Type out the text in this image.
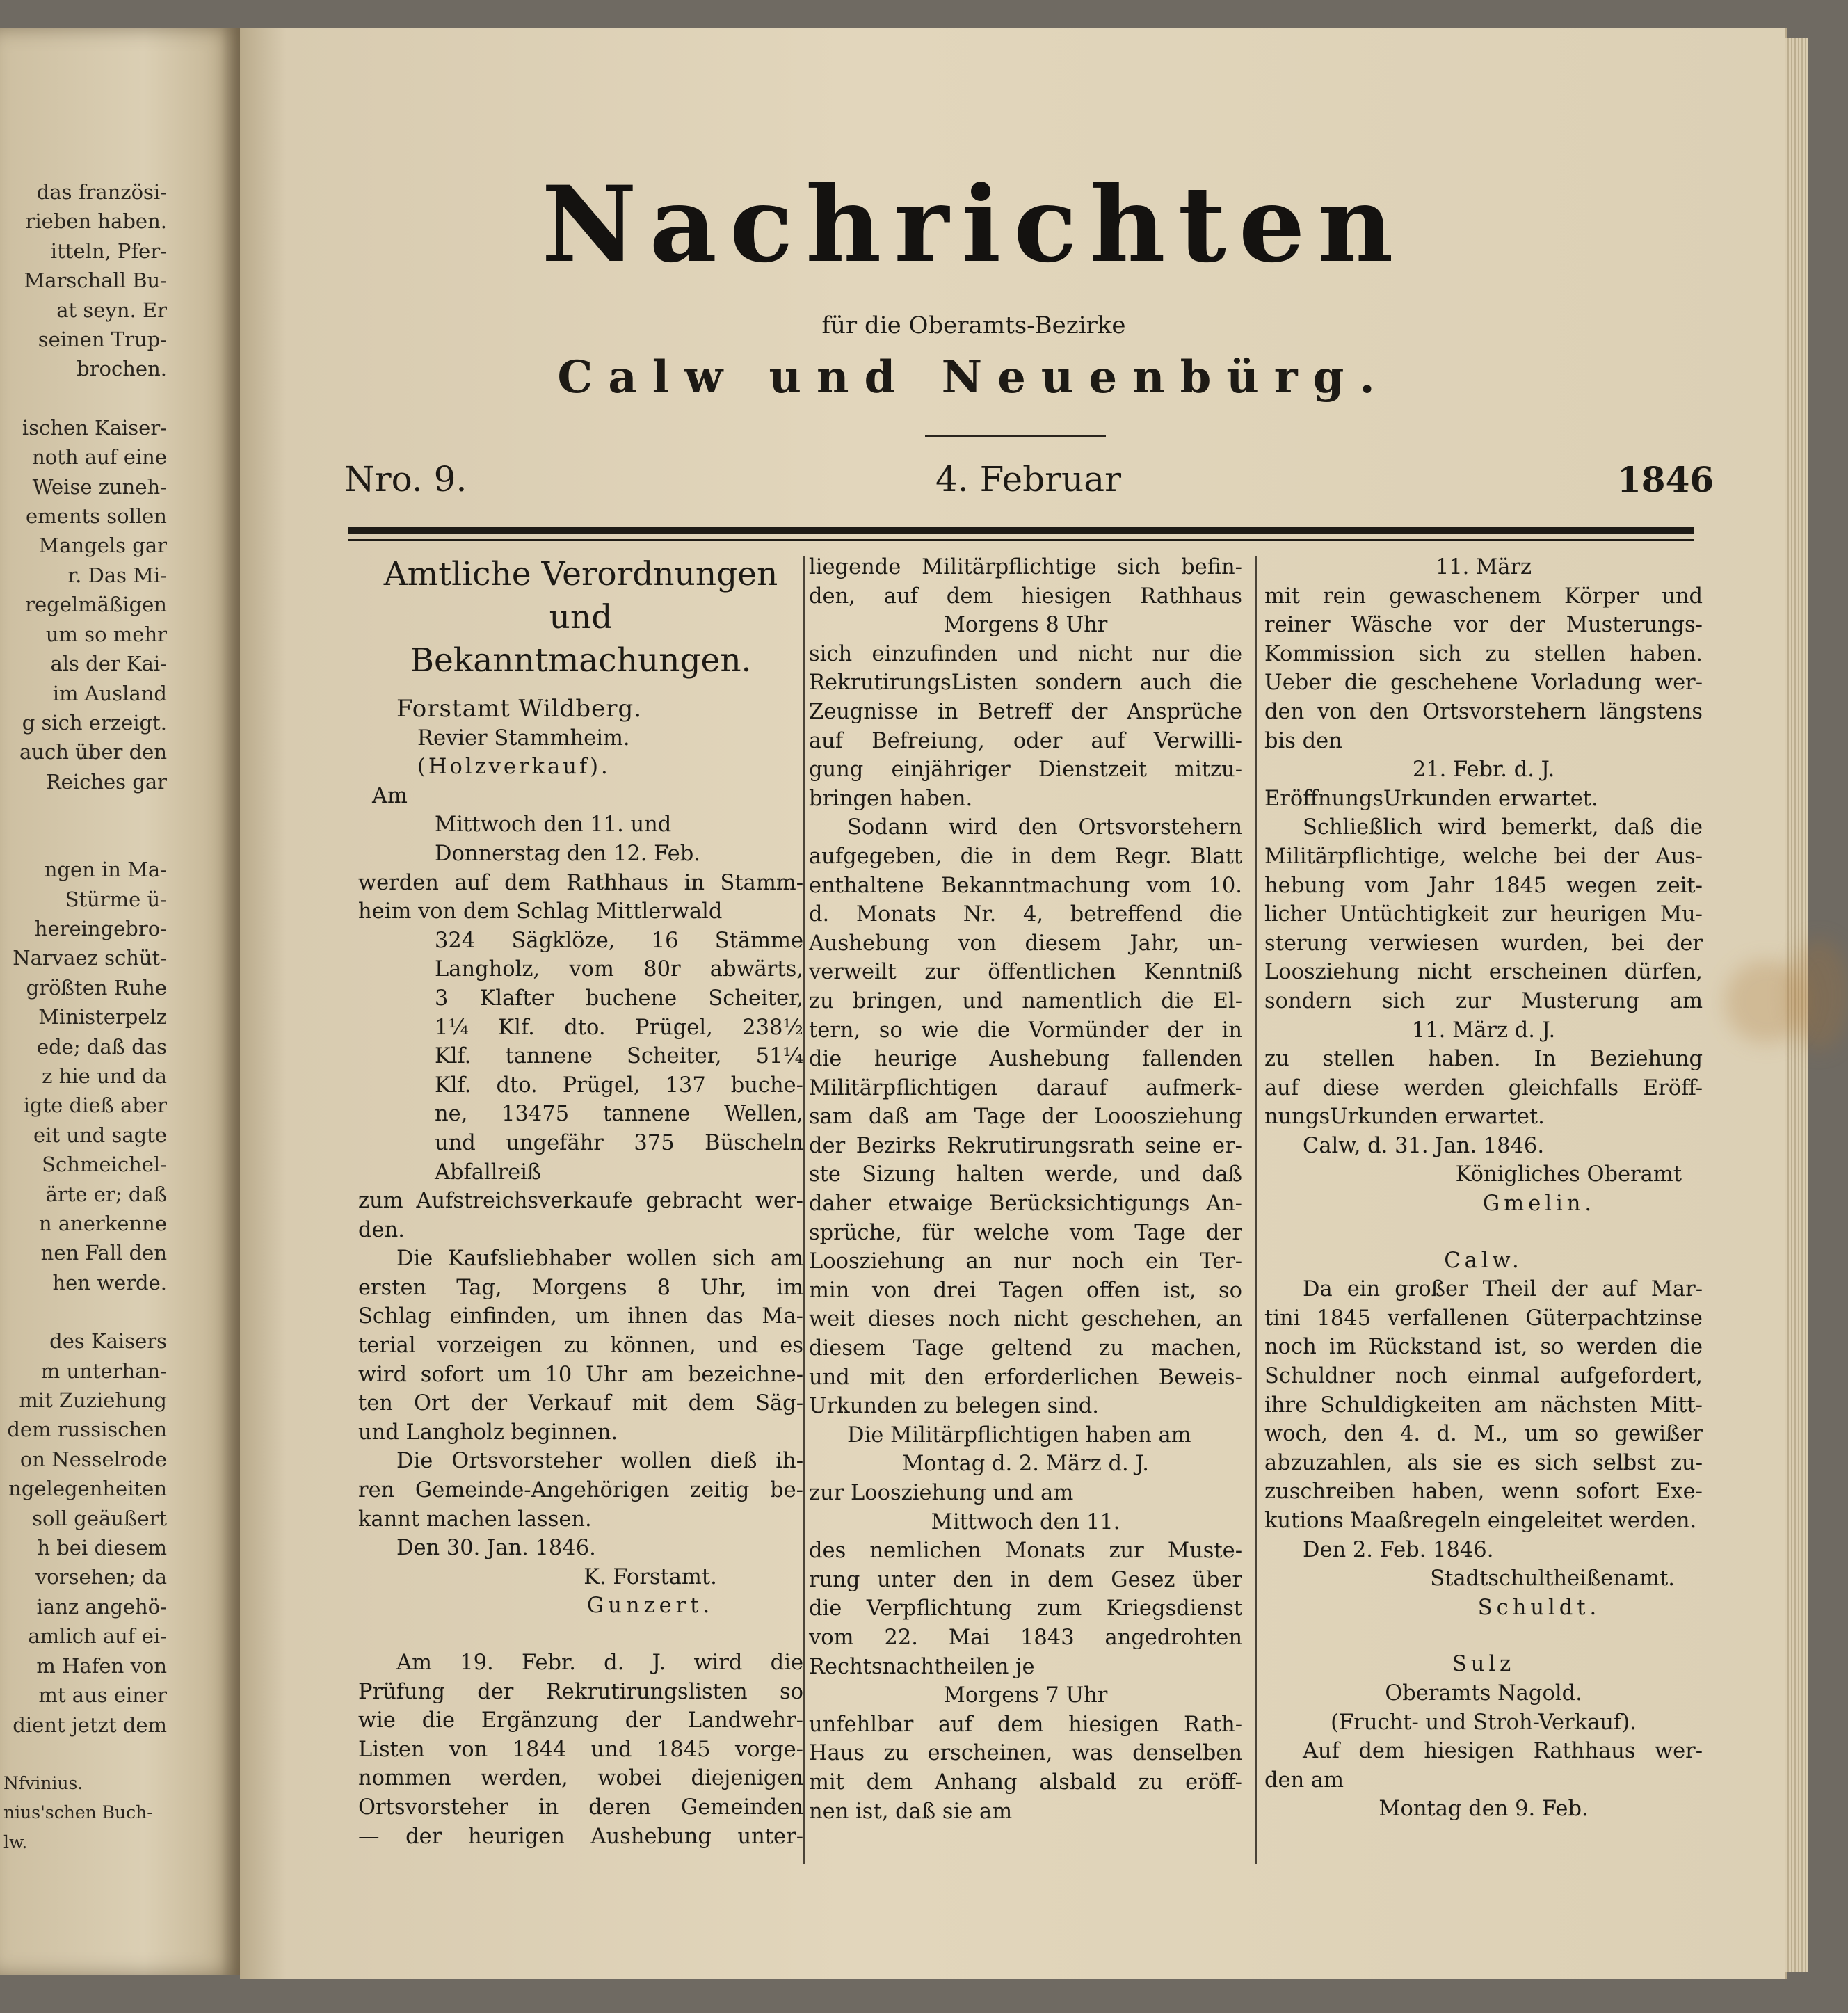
das französi-
rieben haben.
itteln, Pfer-
Marschall Bu-
at seyn. Er
seinen Trup-
brochen.

ischen Kaiser-
noth auf eine
Weise zuneh-
ements sollen
Mangels gar
r. Das Mi-
regelmäßigen
um so mehr
als der Kai-
im Ausland
g sich erzeigt.
auch über den
Reiches gar

ngen in Ma-
Stürme ü-
hereingebro-
Narvaez schüt-
größten Ruhe
Ministerpelz
ede; daß das
z hie und da
igte dieß aber
eit und sagte
Schmeichel-
ärte er; daß
n anerkenne
nen Fall den
hen werde.

des Kaisers
m unterhan-
mit Zuziehung
dem russischen
on Nesselrode
ngelegenheiten
soll geäußert
h bei diesem
vorsehen; da
ianz angehö-
amlich auf ei-
m Hafen von
mt aus einer
dient jetzt dem

Nfvinius.
nius'schen Buch-
lw.
Nachrichten
für die Oberamts-Bezirke
Calw und Neuenbürg.
Nro. 9.	4. Februar	1846

Amtliche Verordnungen und

Bekanntmachungen.

Forstamt Wildberg.

Revier Stammheim.

(Holzverkauf).

Am

Mittwoch den 11. und

Donnerstag den 12. Feb.

werden auf dem Rathhaus in Stamm-

heim von dem Schlag Mittlerwald

324 Sägklöze, 16 Stämme

Langholz, vom 80r abwärts,

3 Klafter buchene Scheiter,

1¼ Klf. dto. Prügel, 238½

Klf. tannene Scheiter, 51¼

Klf. dto. Prügel, 137 buche-

ne, 13475 tannene Wellen,

und ungefähr 375 Büscheln

Abfallreiß

zum Aufstreichsverkaufe gebracht wer-

den.

Die Kaufsliebhaber wollen sich am

ersten Tag, Morgens 8 Uhr, im

Schlag einfinden, um ihnen das Ma-

terial vorzeigen zu können, und es

wird sofort um 10 Uhr am bezeichne-

ten Ort der Verkauf mit dem Säg-

und Langholz beginnen.

Die Ortsvorsteher wollen dieß ih-

ren Gemeinde-Angehörigen zeitig be-

kannt machen lassen.

Den 30. Jan. 1846.

K. Forstamt.

Gunzert.

Am 19. Febr. d. J. wird die

Prüfung der Rekrutirungslisten so

wie die Ergänzung der Landwehr-

Listen von 1844 und 1845 vorge-

nommen werden, wobei diejenigen

Ortsvorsteher in deren Gemeinden

— der heurigen Aushebung unter-

liegende Militärpflichtige sich befin-

den, auf dem hiesigen Rathhaus

Morgens 8 Uhr

sich einzufinden und nicht nur die

RekrutirungsListen sondern auch die

Zeugnisse in Betreff der Ansprüche

auf Befreiung, oder auf Verwilli-

gung einjähriger Dienstzeit mitzu-

bringen haben.

Sodann wird den Ortsvorstehern

aufgegeben, die in dem Regr. Blatt

enthaltene Bekanntmachung vom 10.

d. Monats Nr. 4, betreffend die

Aushebung von diesem Jahr, un-

verweilt zur öffentlichen Kenntniß

zu bringen, und namentlich die El-

tern, so wie die Vormünder der in

die heurige Aushebung fallenden

Militärpflichtigen darauf aufmerk-

sam daß am Tage der Looosziehung

der Bezirks Rekrutirungsrath seine er-

ste Sizung halten werde, und daß

daher etwaige Berücksichtigungs An-

sprüche, für welche vom Tage der

Loosziehung an nur noch ein Ter-

min von drei Tagen offen ist, so

weit dieses noch nicht geschehen, an

diesem Tage geltend zu machen,

und mit den erforderlichen Beweis-

Urkunden zu belegen sind.

Die Militärpflichtigen haben am

Montag d. 2. März d. J.

zur Loosziehung und am

Mittwoch den 11.

des nemlichen Monats zur Muste-

rung unter den in dem Gesez über

die Verpflichtung zum Kriegsdienst

vom 22. Mai 1843 angedrohten

Rechtsnachtheilen je

Morgens 7 Uhr

unfehlbar auf dem hiesigen Rath-

Haus zu erscheinen, was denselben

mit dem Anhang alsbald zu eröff-

nen ist, daß sie am

11. März

mit rein gewaschenem Körper und

reiner Wäsche vor der Musterungs-

Kommission sich zu stellen haben.

Ueber die geschehene Vorladung wer-

den von den Ortsvorstehern längstens

bis den

21. Febr. d. J.

EröffnungsUrkunden erwartet.

Schließlich wird bemerkt, daß die

Militärpflichtige, welche bei der Aus-

hebung vom Jahr 1845 wegen zeit-

licher Untüchtigkeit zur heurigen Mu-

sterung verwiesen wurden, bei der

Loosziehung nicht erscheinen dürfen,

sondern sich zur Musterung am

11. März d. J.

zu stellen haben. In Beziehung

auf diese werden gleichfalls Eröff-

nungsUrkunden erwartet.

Calw, d. 31. Jan. 1846.

Königliches Oberamt

Gmelin.

Calw.

Da ein großer Theil der auf Mar-

tini 1845 verfallenen Güterpachtzinse

noch im Rückstand ist, so werden die

Schuldner noch einmal aufgefordert,

ihre Schuldigkeiten am nächsten Mitt-

woch, den 4. d. M., um so gewißer

abzuzahlen, als sie es sich selbst zu-

zuschreiben haben, wenn sofort Exe-

kutions Maaßregeln eingeleitet werden.

Den 2. Feb. 1846.

Stadtschultheißenamt.

Schuldt.

Sulz

Oberamts Nagold.

(Frucht- und Stroh-Verkauf).

Auf dem hiesigen Rathhaus wer-

den am

Montag den 9. Feb.
